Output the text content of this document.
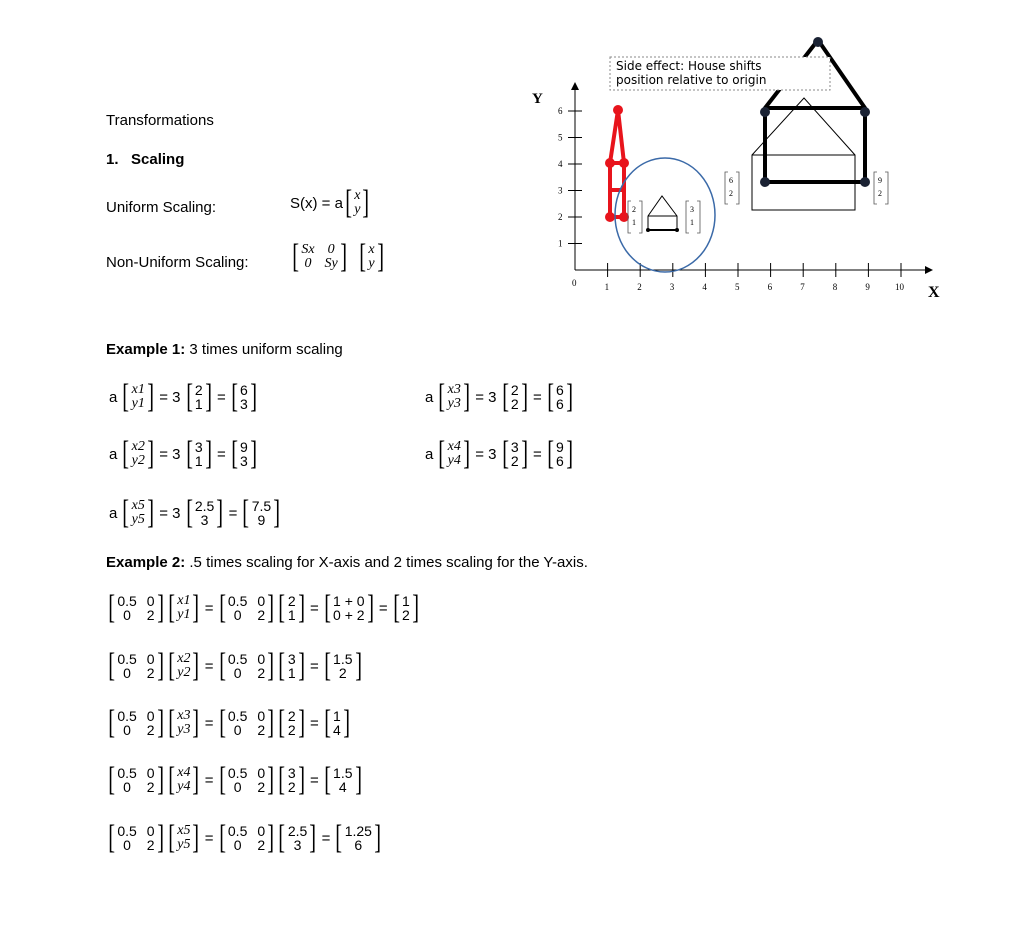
Transformations
1. Scaling
Uniform Scaling:	S(x) = a [ x
y ]
Non-Uniform Scaling: [ Sx 0
0 Sy ] [ x
y ]
Example 1: 3 times uniform scaling
a [ x1
y1 ] = 3 [ 2
1 ] = [ 6
3 ]
a [ x2
y2 ] = 3 [ 3
1 ] = [ 9
3 ]
a [ x5
y5 ] = 3 [ 2.5
3 ] = [ 7.5
9 ]
a [ x3
y3 ] = 3 [ 2
2 ] = [ 6
6 ]
a [ x4
y4 ] = 3 [ 3
2 ] = [ 9
6 ]
Example 2: .5 times scaling for X-axis and 2 times scaling for the Y-axis.
[ 0.5 0
0	2 ] [ x1
y1 ] = [ 0.5 0
0	2 ] [ 2
1 ] = [ 1 + 0
0 + 2 ] = [ 1
2 ]
[ 0.5 0
0	2 ] [ x2
y2 ] = [ 0.5 0
0	2 ] [ 3
1 ] = [ 1.5
2 ]
[ 0.5 0
0	2 ] [ x3
y3 ] = [ 0.5 0
0	2 ] [ 2
2 ] = [ 1
4 ]
[ 0.5 0
0	2 ] [ x4
y4 ] = [ 0.5 0
0	2 ] [ 3
2 ] = [ 1.5
4 ]
[ 0.5 0
0	2 ] [ x5
y5 ] = [ 0.5 0
0	2 ] [ 2.5
3 ] = [ 1.25
6 ]
1	2	3	4	5	6	7	8	9	10
1
2
3
4
5
6
Y
X
0
Side effect: House shifts
position relative to origin
2
1
3
1
6
2
9
2
